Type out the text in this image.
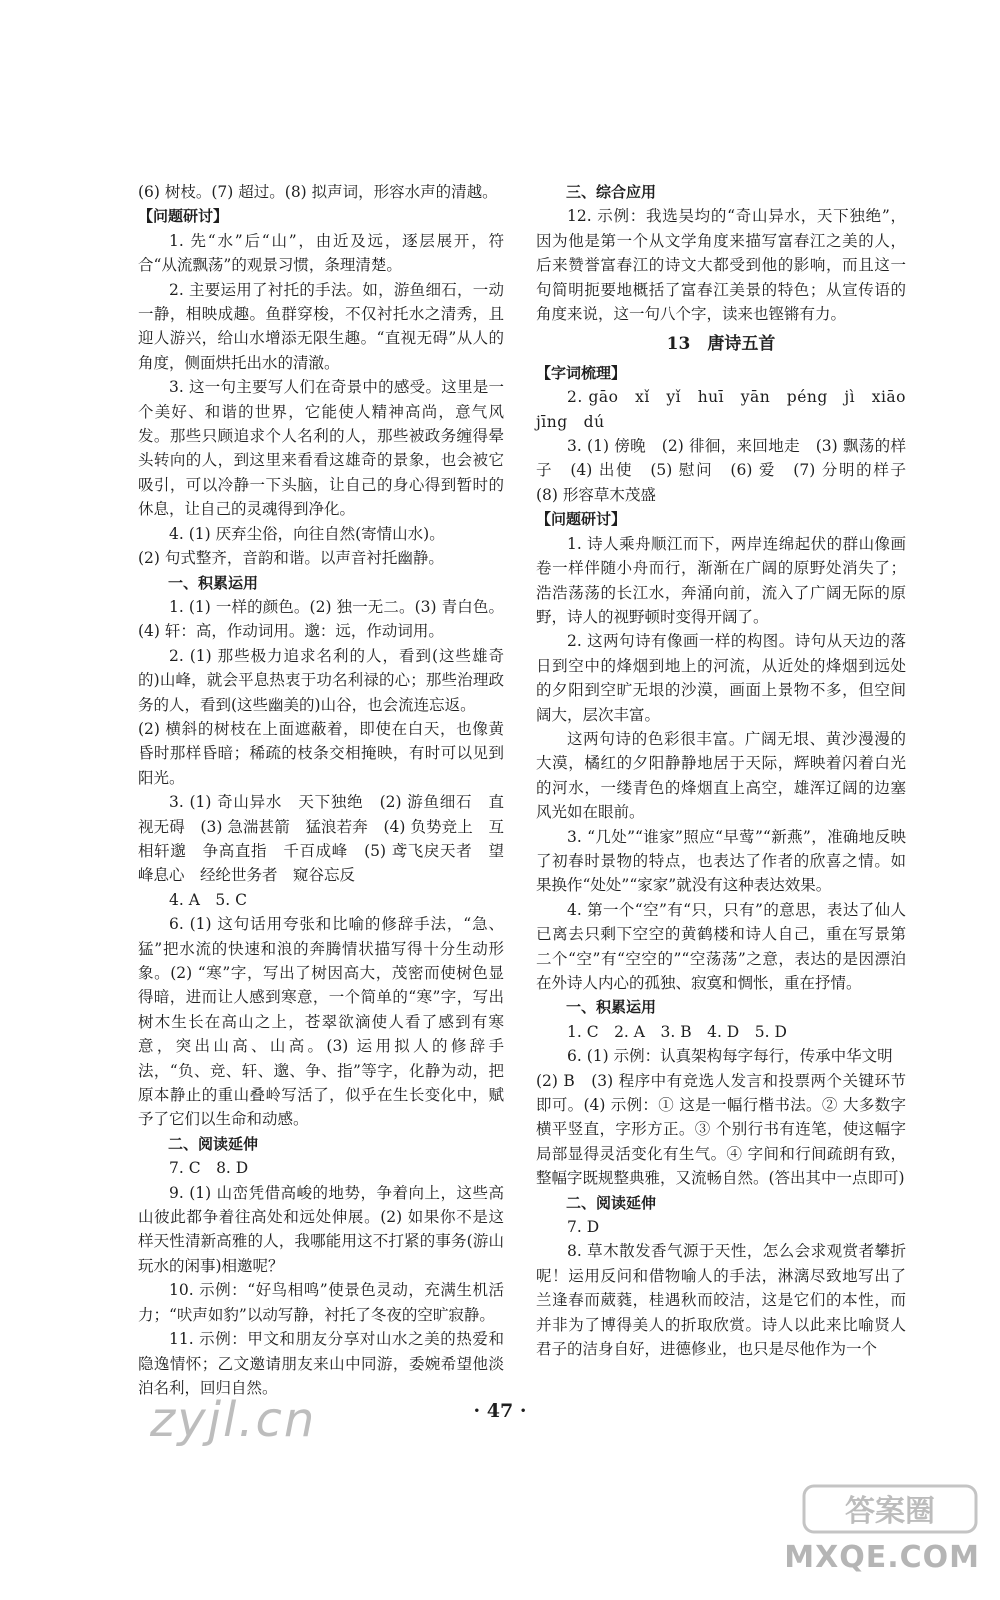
(6) 树枝。(7) 超过。(8) 拟声词，形容水声的清越。

【问题研讨】

1. 先“水”后“山”，由近及远，逐层展开，符合“从流飘荡”的观景习惯，条理清楚。

2. 主要运用了衬托的手法。如，游鱼细石，一动一静，相映成趣。鱼群穿梭，不仅衬托水之清秀，且迎人游兴，给山水增添无限生趣。“直视无碍”从人的角度，侧面烘托出水的清澈。

3. 这一句主要写人们在奇景中的感受。这里是一个美好、和谐的世界，它能使人精神高尚，意气风发。那些只顾追求个人名利的人，那些被政务缠得晕头转向的人，到这里来看看这雄奇的景象，也会被它吸引，可以冷静一下头脑，让自己的身心得到暂时的休息，让自己的灵魂得到净化。

4. (1) 厌弃尘俗，向往自然(寄情山水)。

(2) 句式整齐，音韵和谐。以声音衬托幽静。

一、积累运用

1. (1) 一样的颜色。(2) 独一无二。(3) 青白色。(4) 轩：高，作动词用。邈：远，作动词用。

2. (1) 那些极力追求名利的人，看到(这些雄奇的)山峰，就会平息热衷于功名利禄的心；那些治理政务的人，看到(这些幽美的)山谷，也会流连忘返。

(2) 横斜的树枝在上面遮蔽着，即使在白天，也像黄昏时那样昏暗；稀疏的枝条交相掩映，有时可以见到阳光。

3. (1) 奇山异水　天下独绝　(2) 游鱼细石　直视无碍　(3) 急湍甚箭　猛浪若奔　(4) 负势竞上　互相轩邈　争高直指　千百成峰　(5) 鸢飞戾天者　望峰息心　经纶世务者　窥谷忘反

4. A　5. C

6. (1) 这句话用夸张和比喻的修辞手法，“急、猛”把水流的快速和浪的奔腾情状描写得十分生动形象。(2) “寒”字，写出了树因高大，茂密而使树色显得暗，进而让人感到寒意，一个简单的“寒”字，写出树木生长在高山之上，苍翠欲滴使人看了感到有寒意，突出山高、山高。(3) 运用拟人的修辞手法，“负、竞、轩、邈、争、指”等字，化静为动，把原本静止的重山叠岭写活了，似乎在生长变化中，赋予了它们以生命和动感。

二、阅读延伸

7. C　8. D

9. (1) 山峦凭借高峻的地势，争着向上，这些高山彼此都争着往高处和远处伸展。(2) 如果你不是这样天性清新高雅的人，我哪能用这不打紧的事务(游山玩水的闲事)相邀呢？

10. 示例：“好鸟相鸣”使景色灵动，充满生机活力；“吠声如豹”以动写静，衬托了冬夜的空旷寂静。

11. 示例：甲文和朋友分享对山水之美的热爱和隐逸情怀；乙文邀请朋友来山中同游，委婉希望他淡泊名利，回归自然。

三、综合应用

12. 示例：我选吴均的“奇山异水，天下独绝”，因为他是第一个从文学角度来描写富春江之美的人，后来赞誉富春江的诗文大都受到他的影响，而且这一句简明扼要地概括了富春江美景的特色；从宣传语的角度来说，这一句八个字，读来也铿锵有力。

13　唐诗五首

【字词梳理】

2. gāo　xǐ　yǐ　huī　yān　péng　jì　xiāo　jīng　dú

3. (1) 傍晚　(2) 徘徊，来回地走　(3) 飘荡的样子　(4) 出使　(5) 慰问　(6) 爱　(7) 分明的样子　(8) 形容草木茂盛

【问题研讨】

1. 诗人乘舟顺江而下，两岸连绵起伏的群山像画卷一样伴随小舟而行，渐渐在广阔的原野处消失了；浩浩荡荡的长江水，奔涌向前，流入了广阔无际的原野，诗人的视野顿时变得开阔了。

2. 这两句诗有像画一样的构图。诗句从天边的落日到空中的烽烟到地上的河流，从近处的烽烟到远处的夕阳到空旷无垠的沙漠，画面上景物不多，但空间阔大，层次丰富。

这两句诗的色彩很丰富。广阔无垠、黄沙漫漫的大漠，橘红的夕阳静静地居于天际，辉映着闪着白光的河水，一缕青色的烽烟直上高空，雄浑辽阔的边塞风光如在眼前。

3. “几处”“谁家”照应“早莺”“新燕”，准确地反映了初春时景物的特点，也表达了作者的欣喜之情。如果换作“处处”“家家”就没有这种表达效果。

4. 第一个“空”有“只，只有”的意思，表达了仙人已离去只剩下空空的黄鹤楼和诗人自己，重在写景第二个“空”有“空空的”“空荡荡”之意，表达的是因漂泊在外诗人内心的孤独、寂寞和惆怅，重在抒情。

一、积累运用

1. C　2. A　3. B　4. D　5. D

6. (1) 示例：认真架构每字每行，传承中华文明

(2) B　(3) 程序中有竞选人发言和投票两个关键环节即可。(4) 示例：① 这是一幅行楷书法。② 大多数字横平竖直，字形方正。③ 个别行书有连笔，使这幅字局部显得灵活变化有生气。④ 字间和行间疏朗有致，整幅字既规整典雅，又流畅自然。(答出其中一点即可)

二、阅读延伸

7. D

8. 草木散发香气源于天性，怎么会求观赏者攀折呢！运用反问和借物喻人的手法，淋漓尽致地写出了兰逢春而葳蕤，桂遇秋而皎洁，这是它们的本性，而并非为了博得美人的折取欣赏。诗人以此来比喻贤人君子的洁身自好，进德修业，也只是尽他作为一个

· 47 ·
zyjl.cn
答案圈
MXQE.COM
